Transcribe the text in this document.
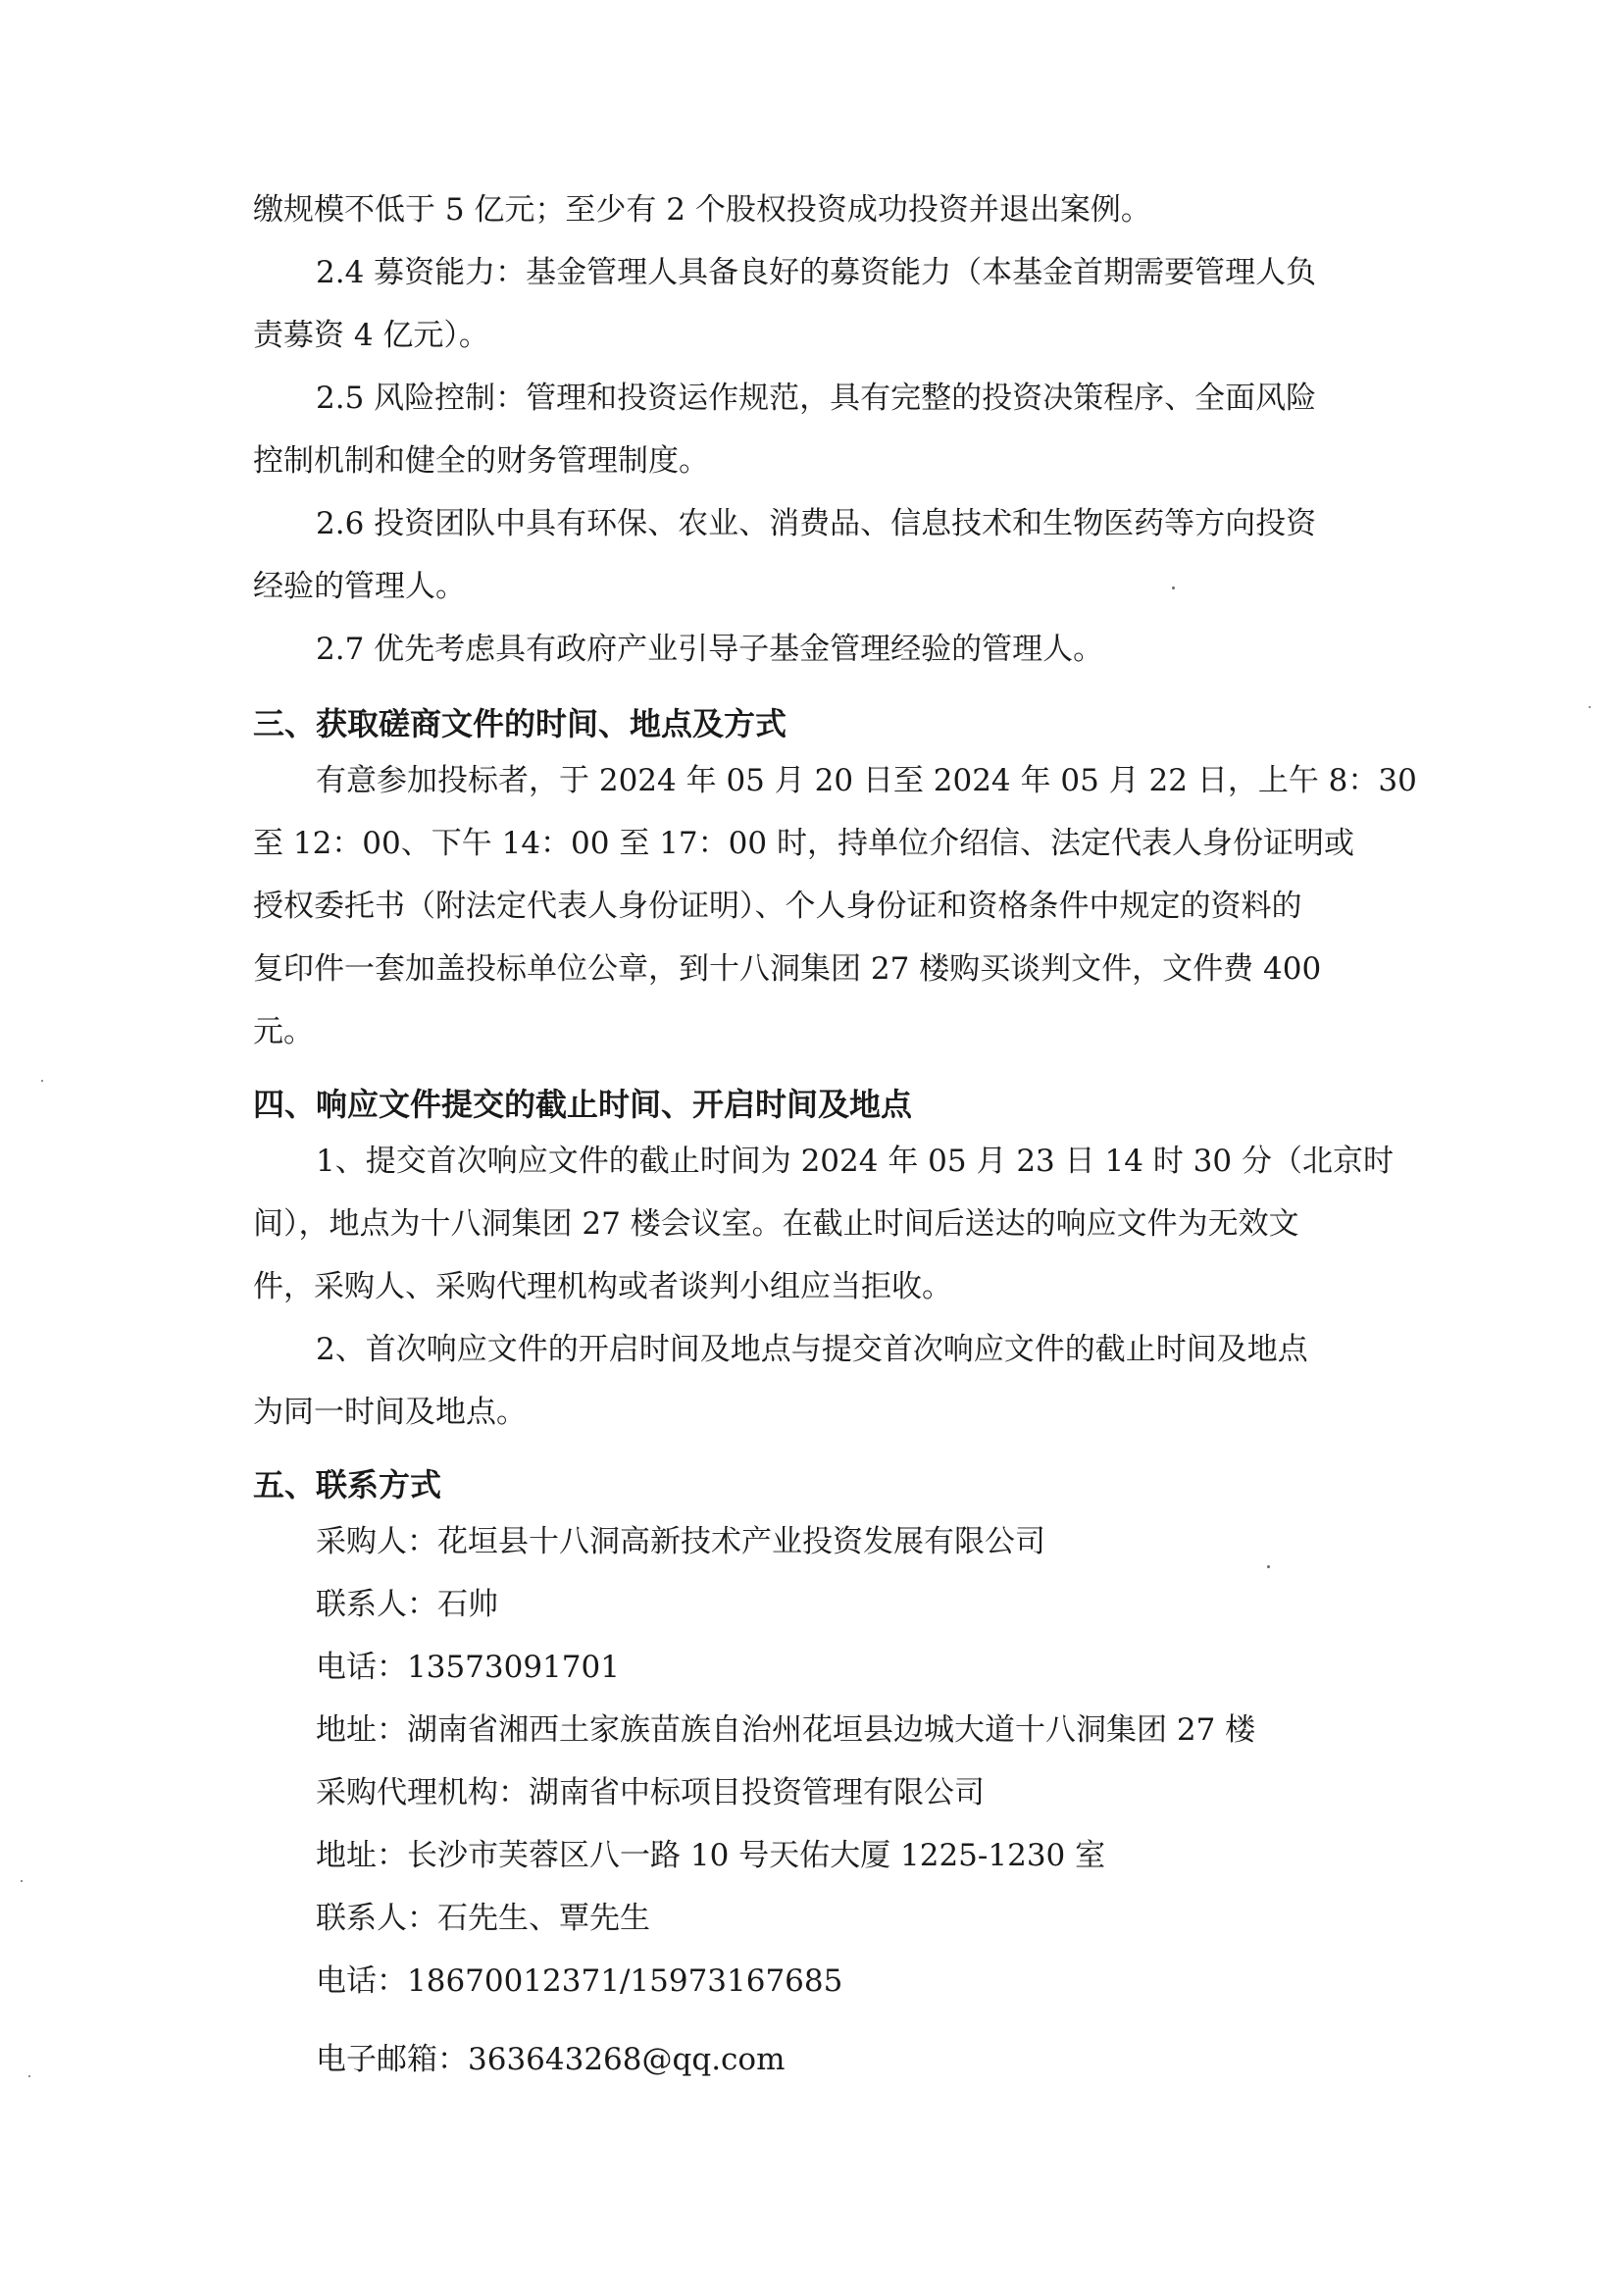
缴规模不低于 5 亿元；至少有 2 个股权投资成功投资并退出案例。
2.4 募资能力：基金管理人具备良好的募资能力（本基金首期需要管理人负
责募资 4 亿元）。
2.5 风险控制：管理和投资运作规范，具有完整的投资决策程序、全面风险
控制机制和健全的财务管理制度。
2.6 投资团队中具有环保、农业、消费品、信息技术和生物医药等方向投资
经验的管理人。
2.7 优先考虑具有政府产业引导子基金管理经验的管理人。
三、获取磋商文件的时间、地点及方式
有意参加投标者，于 2024 年 05 月 20 日至 2024 年 05 月 22 日，上午 8：30
至 12：00、下午 14：00 至 17：00 时，持单位介绍信、法定代表人身份证明或
授权委托书（附法定代表人身份证明）、个人身份证和资格条件中规定的资料的
复印件一套加盖投标单位公章，到十八洞集团 27 楼购买谈判文件，文件费 400
元。
四、响应文件提交的截止时间、开启时间及地点
1、提交首次响应文件的截止时间为 2024 年 05 月 23 日 14 时 30 分（北京时
间），地点为十八洞集团 27 楼会议室。在截止时间后送达的响应文件为无效文
件，采购人、采购代理机构或者谈判小组应当拒收。
2、首次响应文件的开启时间及地点与提交首次响应文件的截止时间及地点
为同一时间及地点。
五、联系方式
采购人：花垣县十八洞高新技术产业投资发展有限公司
联系人：石帅
电话：13573091701
地址：湖南省湘西土家族苗族自治州花垣县边城大道十八洞集团 27 楼
采购代理机构：湖南省中标项目投资管理有限公司
地址：长沙市芙蓉区八一路 10 号天佑大厦 1225-1230 室
联系人：石先生、覃先生
电话：18670012371/15973167685
电子邮箱：363643268@qq.com
